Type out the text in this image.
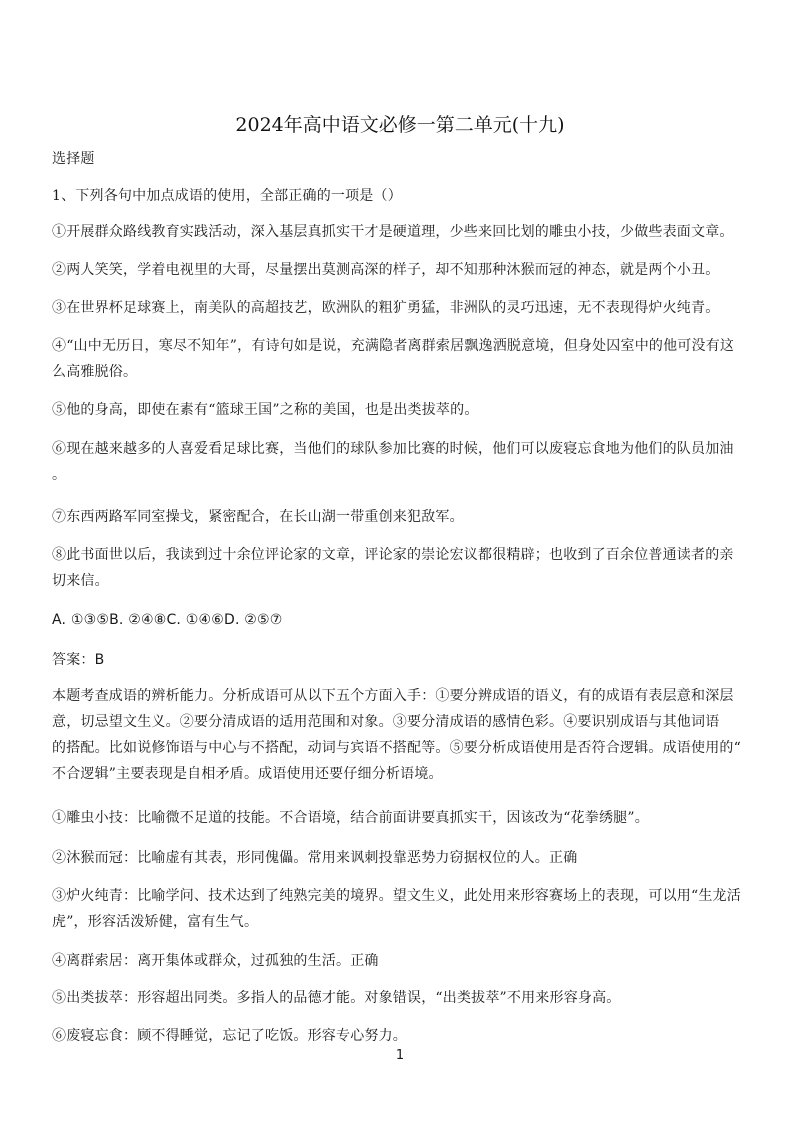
2024年高中语文必修一第二单元(十九)
选择题
1、下列各句中加点成语的使用，全部正确的一项是（）
①开展群众路线教育实践活动，深入基层真抓实干才是硬道理，少些来回比划的雕虫小技，少做些表面文章。
②两人笑笑，学着电视里的大哥，尽量摆出莫测高深的样子，却不知那种沐猴而冠的神态，就是两个小丑。
③在世界杯足球赛上，南美队的高超技艺，欧洲队的粗犷勇猛，非洲队的灵巧迅速，无不表现得炉火纯青。
④“山中无历日，寒尽不知年”，有诗句如是说，充满隐者离群索居飘逸洒脱意境，但身处囚室中的他可没有这
么高雅脱俗。
⑤他的身高，即使在素有“篮球王国”之称的美国，也是出类拔萃的。
⑥现在越来越多的人喜爱看足球比赛，当他们的球队参加比赛的时候，他们可以废寝忘食地为他们的队员加油
。
⑦东西两路军同室操戈，紧密配合，在长山湖一带重创来犯敌军。
⑧此书面世以后，我读到过十余位评论家的文章，评论家的崇论宏议都很精辟；也收到了百余位普通读者的亲
切来信。
A. ①③⑤B. ②④⑧C. ①④⑥D. ②⑤⑦
答案：B
本题考查成语的辨析能力。分析成语可从以下五个方面入手：①要分辨成语的语义，有的成语有表层意和深层
意，切忌望文生义。②要分清成语的适用范围和对象。③要分清成语的感情色彩。④要识别成语与其他词语
的搭配。比如说修饰语与中心与不搭配，动词与宾语不搭配等。⑤要分析成语使用是否符合逻辑。成语使用的“
不合逻辑”主要表现是自相矛盾。成语使用还要仔细分析语境。
①雕虫小技：比喻微不足道的技能。不合语境，结合前面讲要真抓实干，因该改为“花拳绣腿”。
②沐猴而冠：比喻虚有其表，形同傀儡。常用来讽刺投靠恶势力窃据权位的人。正确
③炉火纯青：比喻学问、技术达到了纯熟完美的境界。望文生义，此处用来形容赛场上的表现，可以用“生龙活
虎”，形容活泼矫健，富有生气。
④离群索居：离开集体或群众，过孤独的生活。正确
⑤出类拔萃：形容超出同类。多指人的品德才能。对象错误，“出类拔萃”不用来形容身高。
⑥废寝忘食：顾不得睡觉，忘记了吃饭。形容专心努力。
1
